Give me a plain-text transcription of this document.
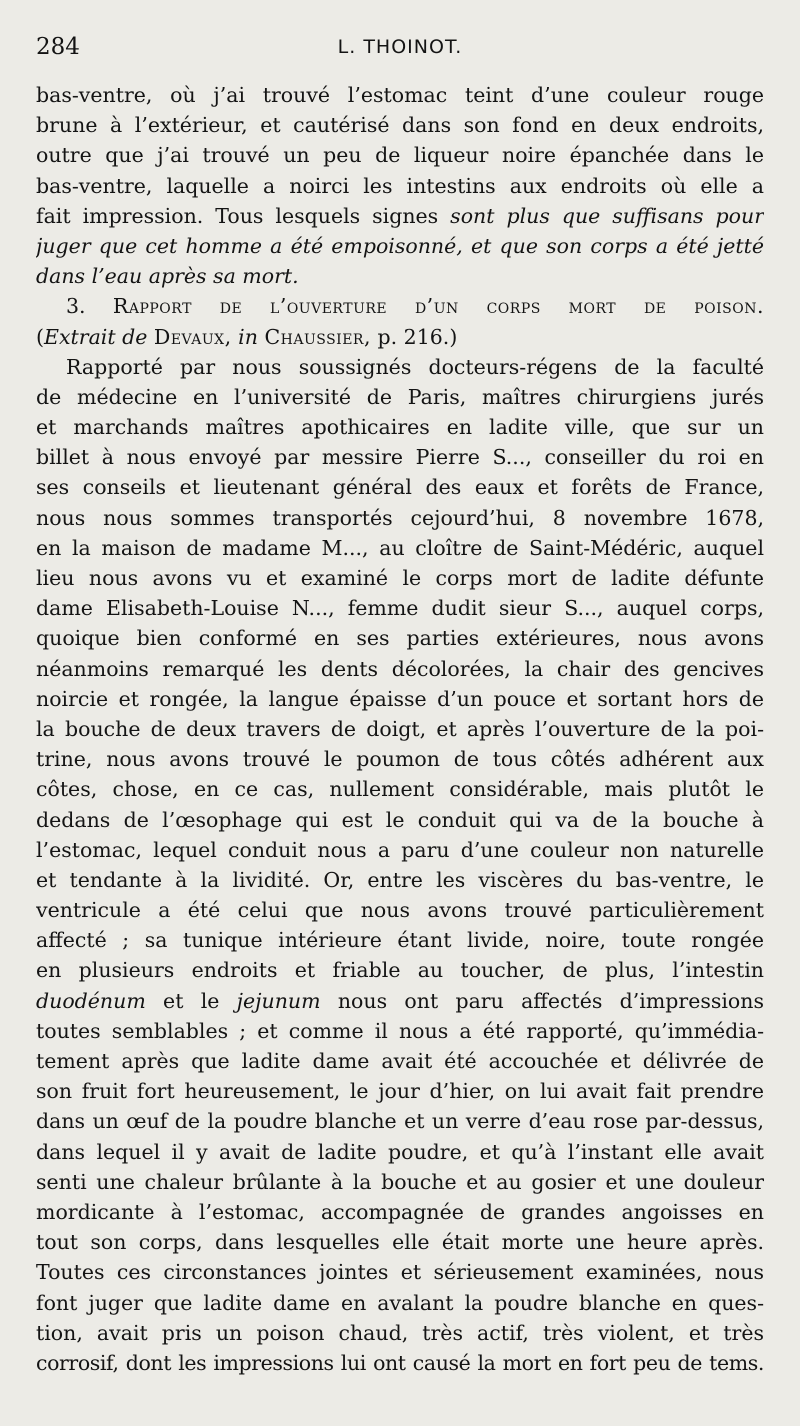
284	L. THOINOT.
bas-ventre, où j’ai trouvé l’estomac teint d’une couleur rouge
brune à l’extérieur, et cautérisé dans son fond en deux endroits,
outre que j’ai trouvé un peu de liqueur noire épanchée dans le
bas-ventre, laquelle a noirci les intestins aux endroits où elle a
fait impression. Tous lesquels signes sont plus que suffisans pour
juger que cet homme a été empoisonné, et que son corps a été jetté
dans l’eau après sa mort.
3. Rapport de l’ouverture d’un corps mort de poison.
(Extrait de Devaux, in Chaussier, p. 216.)
Rapporté par nous soussignés docteurs-régens de la faculté
de médecine en l’université de Paris, maîtres chirurgiens jurés
et marchands maîtres apothicaires en ladite ville, que sur un
billet à nous envoyé par messire Pierre S..., conseiller du roi en
ses conseils et lieutenant général des eaux et forêts de France,
nous nous sommes transportés cejourd’hui, 8 novembre 1678,
en la maison de madame M..., au cloître de Saint-Médéric, auquel
lieu nous avons vu et examiné le corps mort de ladite défunte
dame Elisabeth-Louise N..., femme dudit sieur S..., auquel corps,
quoique bien conformé en ses parties extérieures, nous avons
néanmoins remarqué les dents décolorées, la chair des gencives
noircie et rongée, la langue épaisse d’un pouce et sortant hors de
la bouche de deux travers de doigt, et après l’ouverture de la poi-
trine, nous avons trouvé le poumon de tous côtés adhérent aux
côtes, chose, en ce cas, nullement considérable, mais plutôt le
dedans de l’œsophage qui est le conduit qui va de la bouche à
l’estomac, lequel conduit nous a paru d’une couleur non naturelle
et tendante à la lividité. Or, entre les viscères du bas-ventre, le
ventricule a été celui que nous avons trouvé particulièrement
affecté ; sa tunique intérieure étant livide, noire, toute rongée
en plusieurs endroits et friable au toucher, de plus, l’intestin
duodénum et le jejunum nous ont paru affectés d’impressions
toutes semblables ; et comme il nous a été rapporté, qu’immédia-
tement après que ladite dame avait été accouchée et délivrée de
son fruit fort heureusement, le jour d’hier, on lui avait fait prendre
dans un œuf de la poudre blanche et un verre d’eau rose par-dessus,
dans lequel il y avait de ladite poudre, et qu’à l’instant elle avait
senti une chaleur brûlante à la bouche et au gosier et une douleur
mordicante à l’estomac, accompagnée de grandes angoisses en
tout son corps, dans lesquelles elle était morte une heure après.
Toutes ces circonstances jointes et sérieusement examinées, nous
font juger que ladite dame en avalant la poudre blanche en ques-
tion, avait pris un poison chaud, très actif, très violent, et très
corrosif, dont les impressions lui ont causé la mort en fort peu de tems.
